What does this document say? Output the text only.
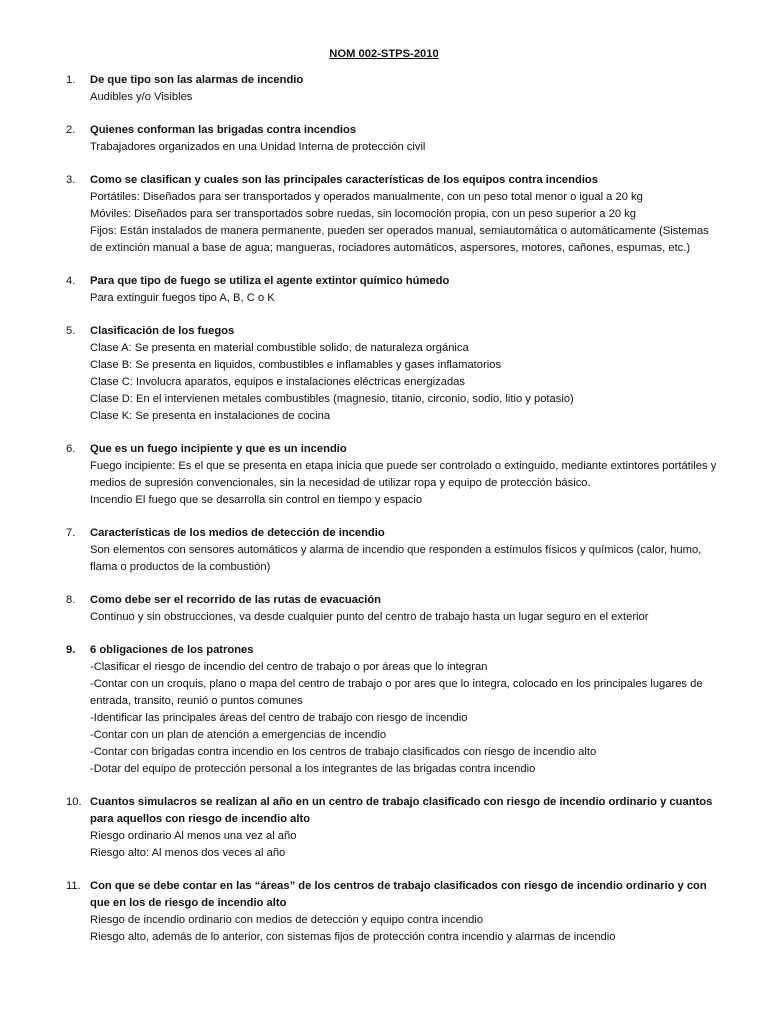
NOM 002-STPS-2010
1.	De que tipo son las alarmas de incendio
Audibles y/o Visibles
2.	Quienes conforman las brigadas contra incendios
Trabajadores organizados en una Unidad Interna de protección civil
3.	Como se clasifican y cuales son las principales características de los equipos contra incendios
Portátiles: Diseñados para ser transportados y operados manualmente, con un peso total menor o igual a 20 kg
Móviles: Diseñados para ser transportados sobre ruedas, sin locomoción propia, con un peso superior a 20 kg
Fijos: Están instalados de manera permanente, pueden ser operados manual, semiautomática o automáticamente (Sistemas de extinción manual a base de agua; mangueras, rociadores automáticos, aspersores, motores, cañones, espumas, etc.)
4.	Para que tipo de fuego se utiliza el agente extintor químico húmedo
Para extinguir fuegos tipo A, B, C o K
5.	Clasificación de los fuegos
Clase A: Se presenta en material combustible solido, de naturaleza orgánica
Clase B: Se presenta en liquidos, combustibles e inflamables y gases inflamatorios
Clase C: Involucra aparatos, equipos e instalaciones eléctricas energizadas
Clase D: En el intervienen metales combustibles (magnesio, titanio, circonio, sodio, litio y potasio)
Clase K: Se presenta en instalaciones de cocina
6.	Que es un fuego incipiente y que es un incendio
Fuego incipiente: Es el que se presenta en etapa inicia que puede ser controlado o extinguido, mediante extintores portátiles y medios de supresión convencionales, sin la necesidad de utilizar ropa y equipo de protección básico.
Incendio El fuego que se desarrolla sin control en tiempo y espacio
7.	Características de los medios de detección de incendio
Son elementos con sensores automáticos y alarma de incendio que responden a estímulos físicos y químicos (calor, humo, flama o productos de la combustión)
8.	Como debe ser el recorrido de las rutas de evacuación
Continuo y sin obstrucciones, va desde cualquier punto del centro de trabajo hasta un lugar seguro en el exterior
9.	6 obligaciones de los patrones
-Clasificar el riesgo de incendio del centro de trabajo o por áreas que lo integran
-Contar con un croquis, plano o mapa del centro de trabajo o por ares que lo integra, colocado en los principales lugares de entrada, transito, reunió o puntos comunes
-Identificar las principales áreas del centro de trabajo con riesgo de incendio
-Contar con un plan de atención a emergencias de incendio
-Contar con brigadas contra incendio en los centros de trabajo clasificados con riesgo de incendio alto
-Dotar del equipo de protección personal a los integrantes de las brigadas contra incendio
10. Cuantos simulacros se realizan al año en un centro de trabajo clasificado con riesgo de incendio ordinario y cuantos para aquellos con riesgo de incendio alto
Riesgo ordinario Al menos una vez al año
Riesgo alto: Al menos dos veces al año
11. Con que se debe contar en las “áreas” de los centros de trabajo clasificados con riesgo de incendio ordinario y con que en los de riesgo de incendio alto
Riesgo de incendio ordinario con medios de detección y equipo contra incendio
Riesgo alto, además de lo anterior, con sistemas fijos de protección contra incendio y alarmas de incendio
